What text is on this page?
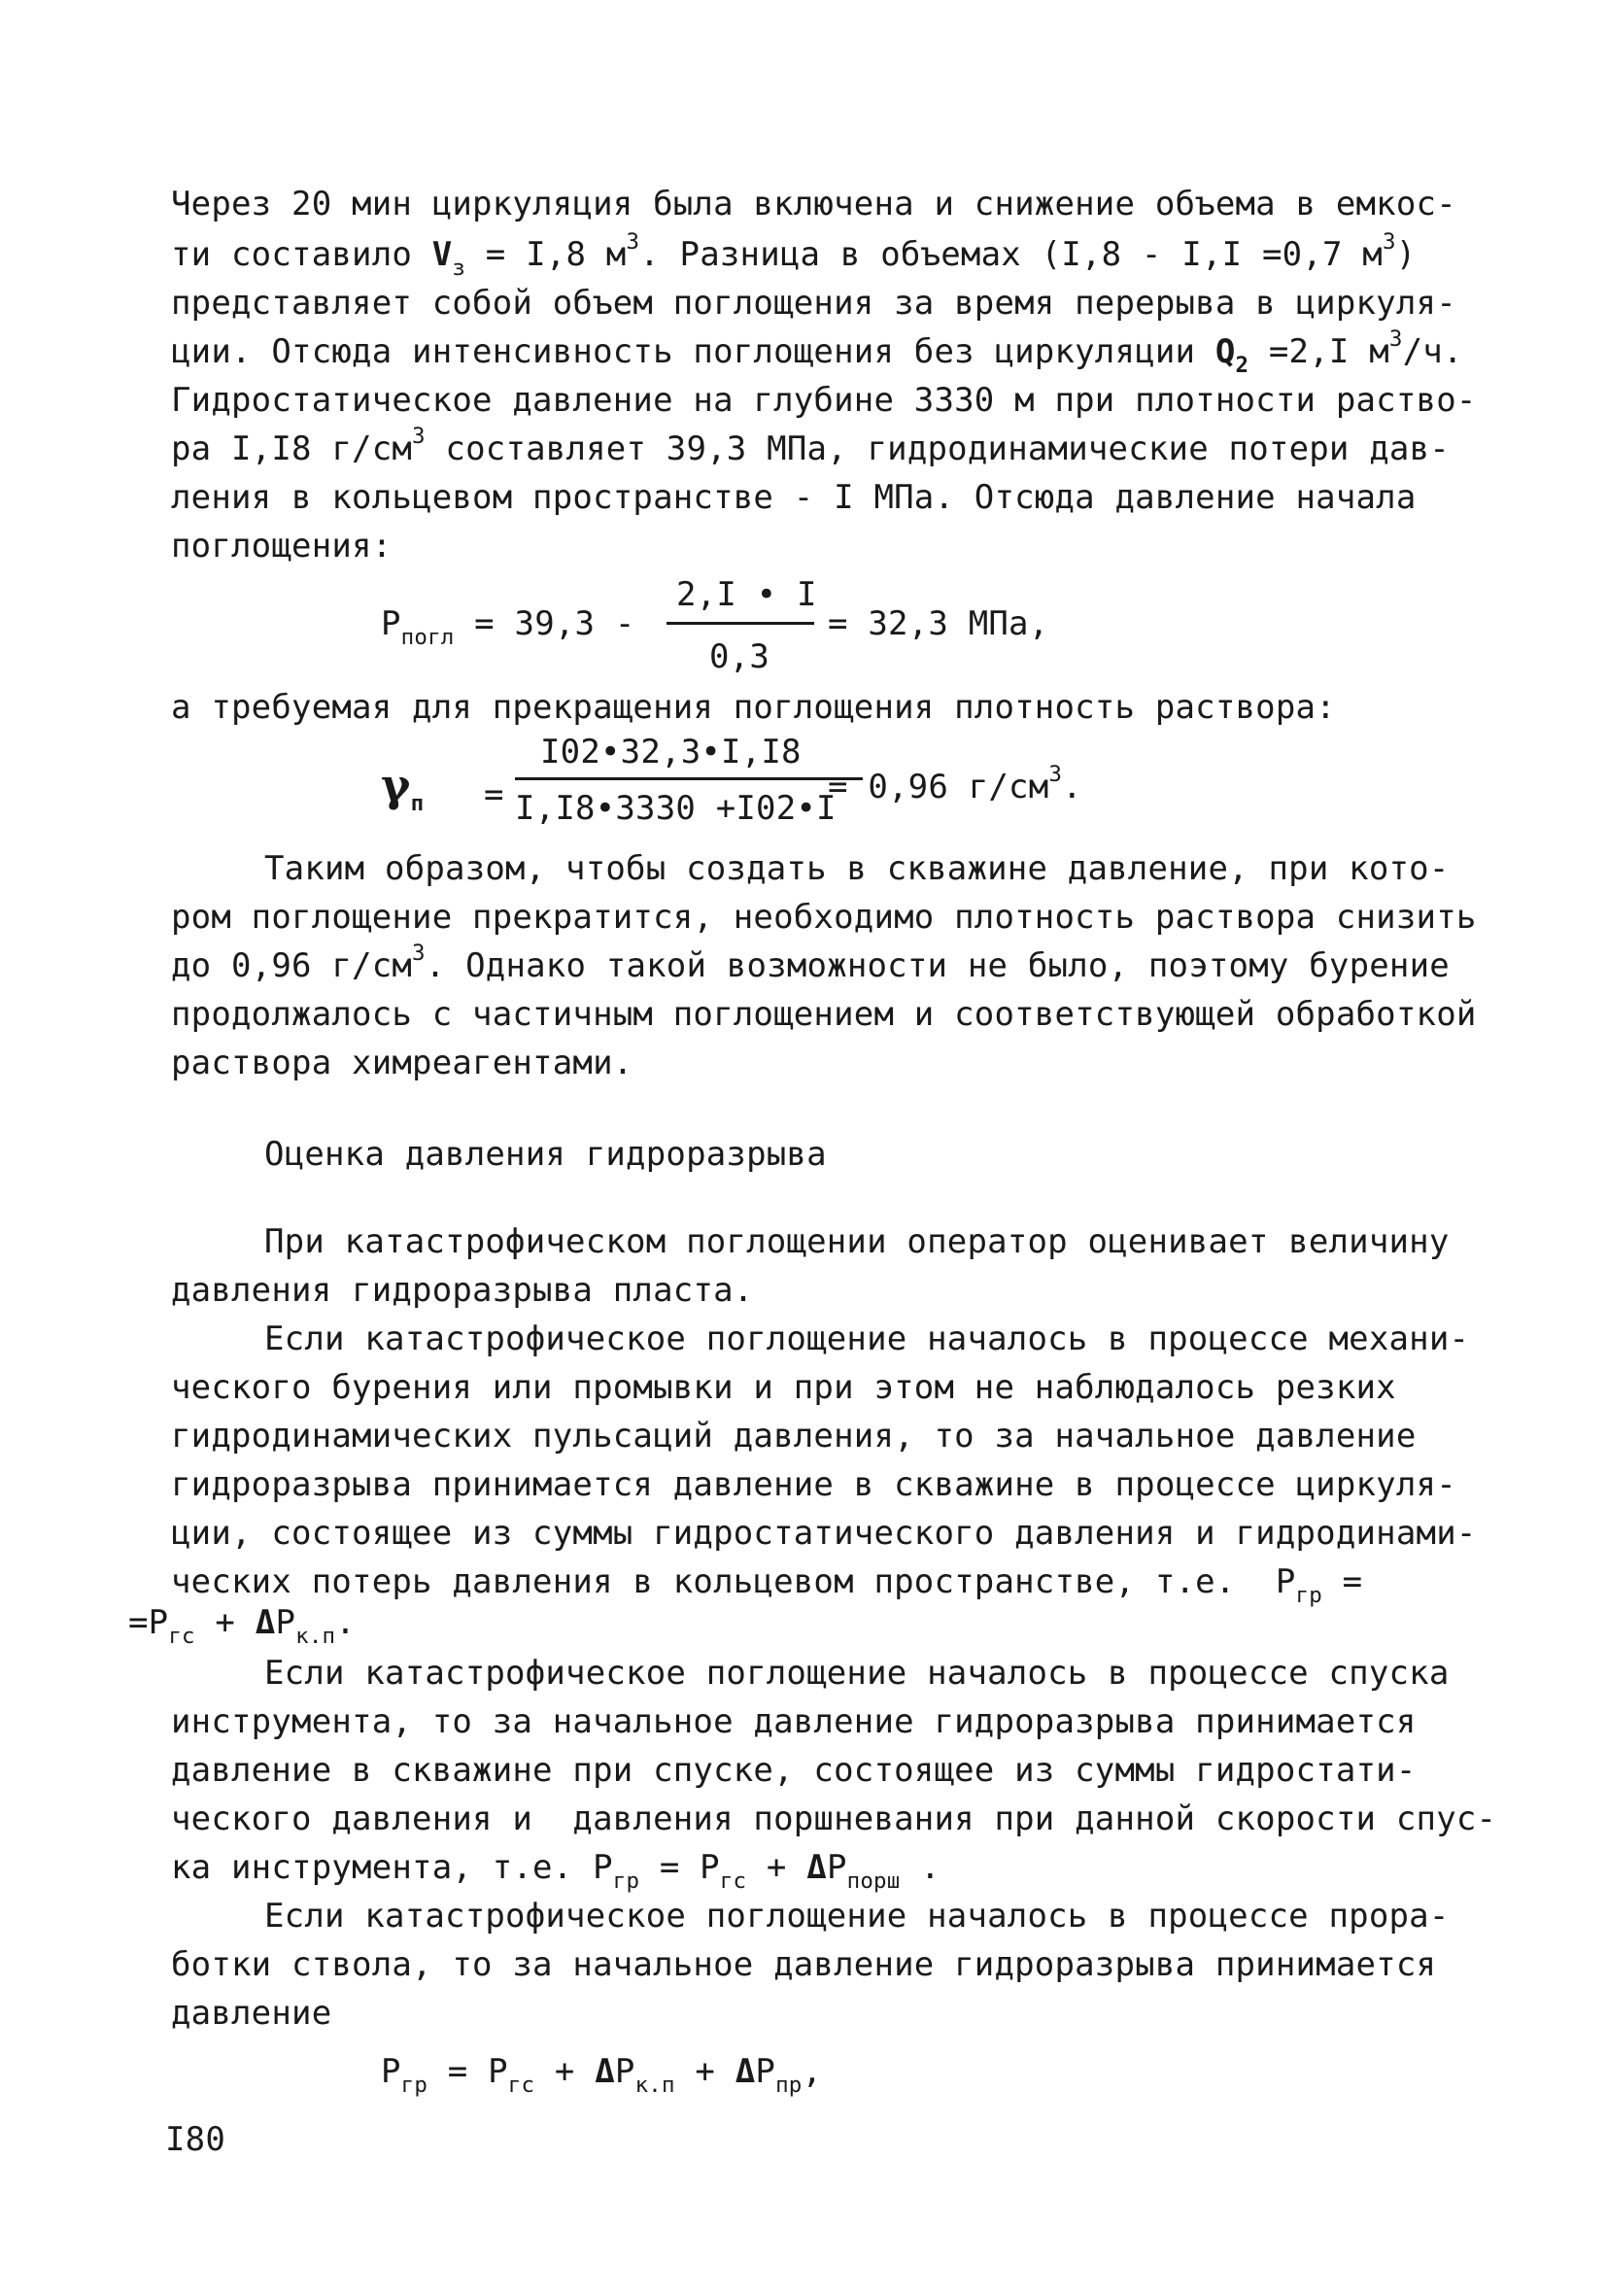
Через 20 мин циркуляция была включена и снижение объема в емкос-
ти составило $V_з = I,8$ $м^3$. Разница в объемах (I,8 - I,I =0,7 $м^3$)
представляет собой объем поглощения за время перерыва в циркуля-
ции. Отсюда интенсивность поглощения без циркуляции $Q_2 =2,I$ $м^3/ч$.
Гидростатическое давление на глубине 3330 м при плотности раство-
ра I,I8 $г/см^3$ составляет 39,3 МПа, гидродинамические потери дав-
ления в кольцевом пространстве - I МПа. Отсюда давление начала
поглощения:
$P_{погл} = 39,3$ -
2,I • I
0,3
= 32,3 МПа,
а требуемая для прекращения поглощения плотность раствора:
$\gamma_п$ =
I02•32,3•I,I8
I,I8•3330 +I02•I
= 0,96 $г/см^3$.
Таким образом, чтобы создать в скважине давление, при кото-
ром поглощение прекратится, необходимо плотность раствора снизить
до 0,96 $г/см^3$. Однако такой возможности не было, поэтому бурение
продолжалось с частичным поглощением и соответствующей обработкой
раствора химреагентами.
Оценка давления гидроразрыва
При катастрофическом поглощении оператор оценивает величину
давления гидроразрыва пласта.
Если катастрофическое поглощение началось в процессе механи-
ческого бурения или промывки и при этом не наблюдалось резких
гидродинамических пульсаций давления, то за начальное давление
гидроразрыва принимается давление в скважине в процессе циркуля-
ции, состоящее из суммы гидростатического давления и гидродинами-
ческих потерь давления в кольцевом пространстве, т.е.  $P_{гр}$ =
$=P_{гс} + \Delta P_{к.п}$.
Если катастрофическое поглощение началось в процессе спуска
инструмента, то за начальное давление гидроразрыва принимается
давление в скважине при спуске, состоящее из суммы гидростати-
ческого давления и  давления поршневания при данной скорости спус-
ка инструмента, т.е. $P_{гр} = P_{гс} + \Delta P_{порш}$ .
Если катастрофическое поглощение началось в процессе прора-
ботки ствола, то за начальное давление гидроразрыва принимается
давление
$P_{гр} = P_{гс} + \Delta P_{к.п} + \Delta P_{пр}$,
I80
